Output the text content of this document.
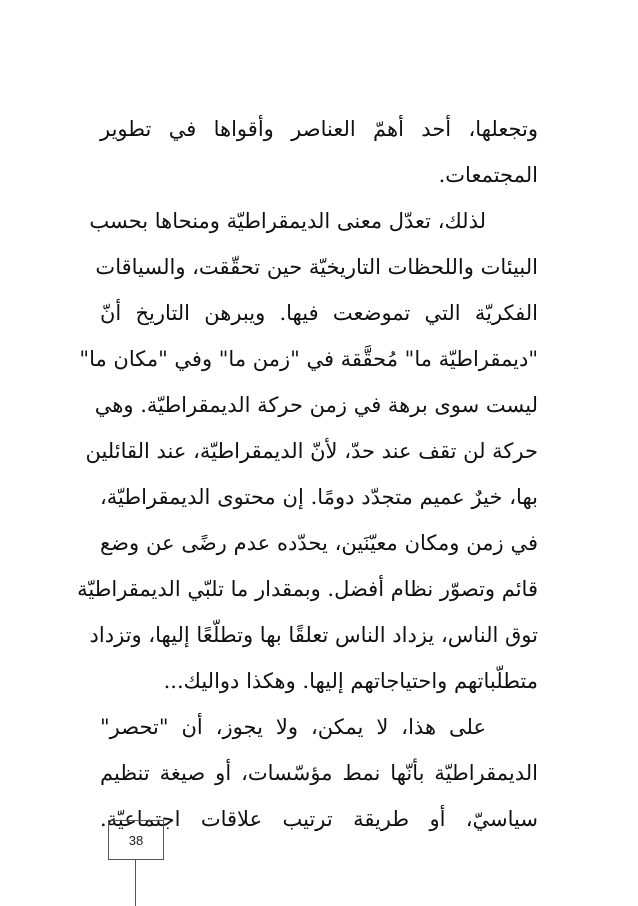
وتجعلها، أحد أهمّ العناصر وأقواها في تطوير
المجتمعات.
لذلك، تعدّل معنى الديمقراطيّة ومنحاها بحسب
البيئات واللحظات التاريخيّة حين تحقّقت، والسياقات
الفكريّة التي تموضعت فيها. ويبرهن التاريخ أنّ
"ديمقراطيّة ما" مُحقَّقة في "زمن ما" وفي "مكان ما"
ليست سوى برهة في زمن حركة الديمقراطيّة. وهي
حركة لن تقف عند حدّ، لأنّ الديمقراطيّة، عند القائلين
بها، خيرٌ عميم متجدّد دومًا. إن محتوى الديمقراطيّة،
في زمن ومكان معيّنَين، يحدّده عدم رضًى عن وضع
قائم وتصوّر نظام أفضل. وبمقدار ما تلبّي الديمقراطيّة
توق الناس، يزداد الناس تعلقًا بها وتطلّعًا إليها، وتزداد
متطلّباتهم واحتياجاتهم إليها. وهكذا دواليك...
على هذا، لا يمكن، ولا يجوز، أن "تحصر"
الديمقراطيّة بأنّها نمط مؤسّسات، أو صيغة تنظيم
سياسيّ، أو طريقة ترتيب علاقات اجتماعيّة.
38
